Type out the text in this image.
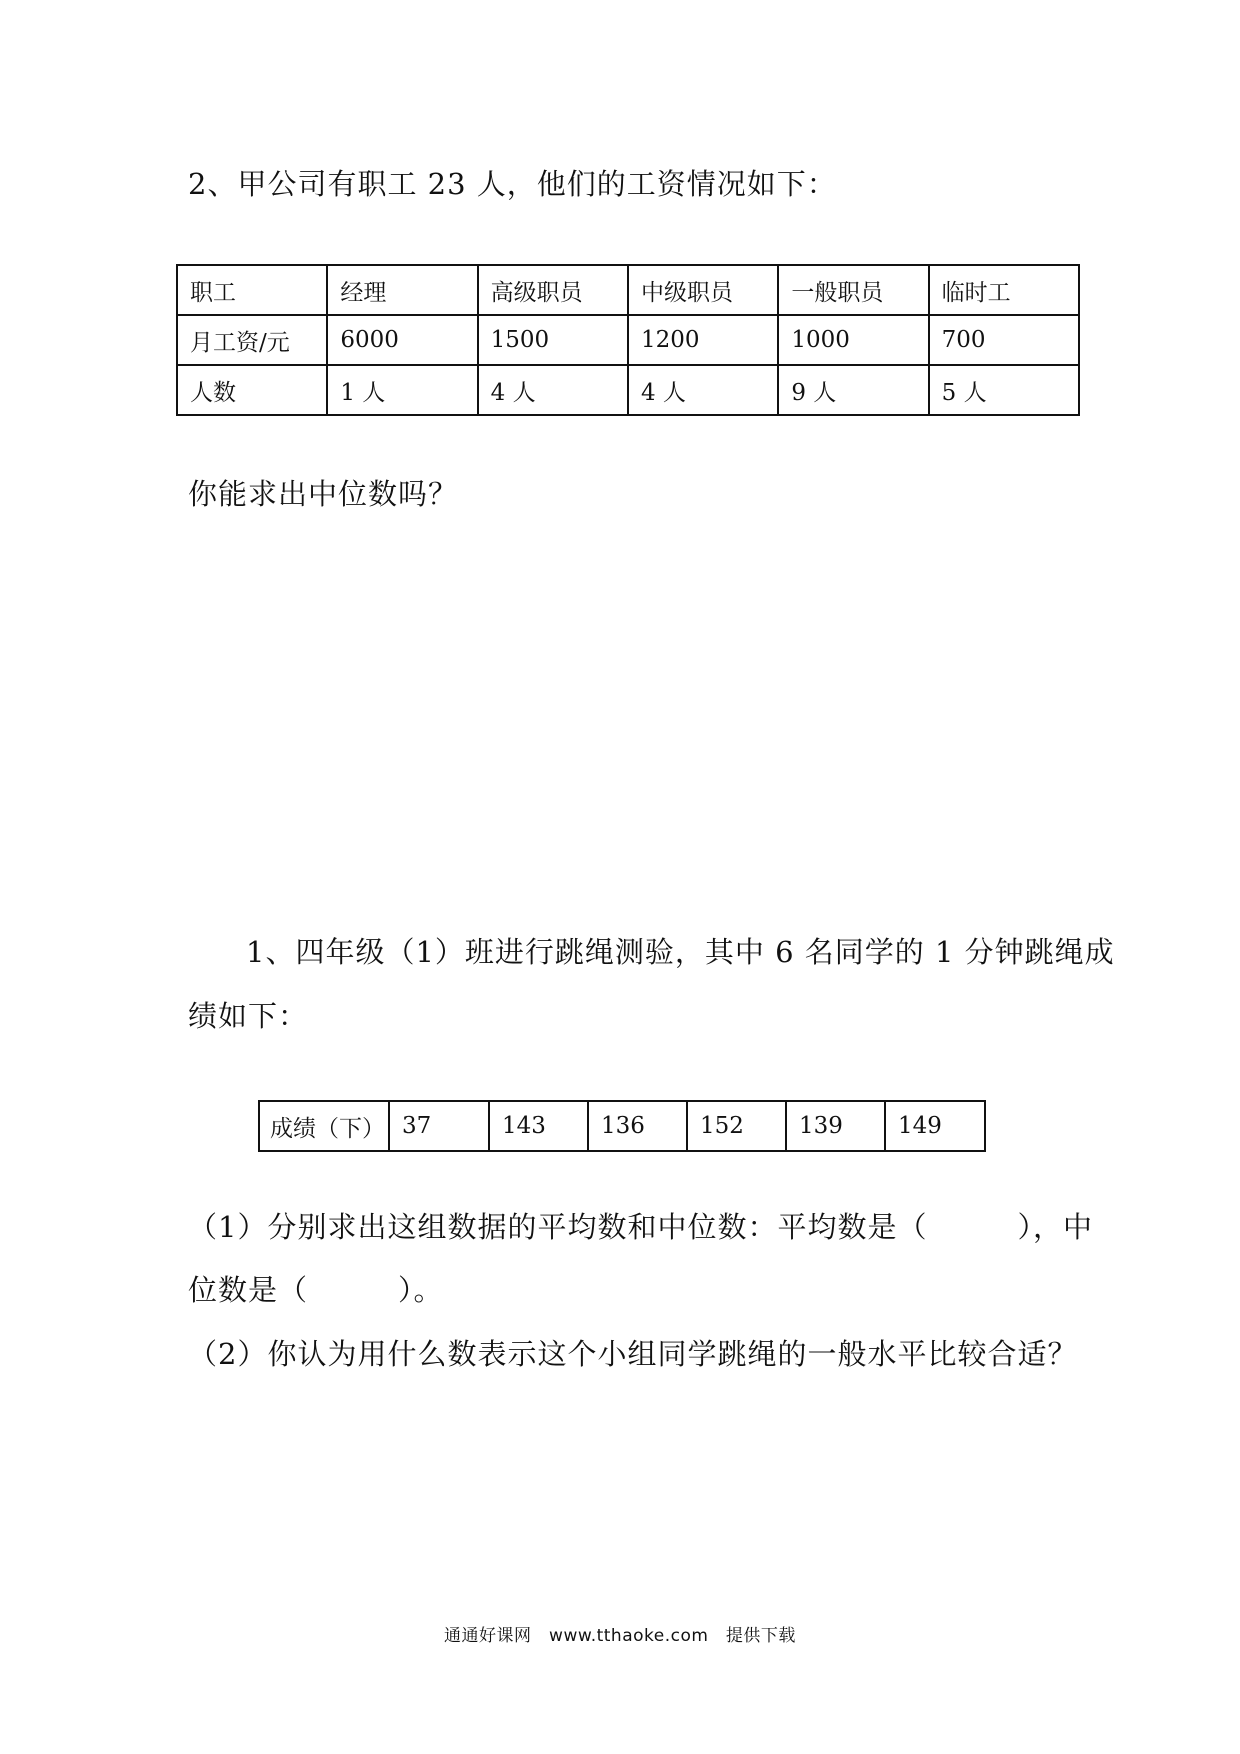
2、甲公司有职工 23 人，他们的工资情况如下：

职工	经理	高级职员	中级职员	一般职员	临时工
月工资/元	6000	1500	1200	1000	700
人数	1 人	4 人	4 人	9 人	5 人

你能求出中位数吗？

1、四年级（1）班进行跳绳测验，其中 6 名同学的 1 分钟跳绳成

绩如下：

成绩（下）	37	143	136	152	139	149

（1）分别求出这组数据的平均数和中位数：平均数是（　　　），中

位数是（　　　）。

（2）你认为用什么数表示这个小组同学跳绳的一般水平比较合适？

通通好课网　www.tthaoke.com　提供下载
